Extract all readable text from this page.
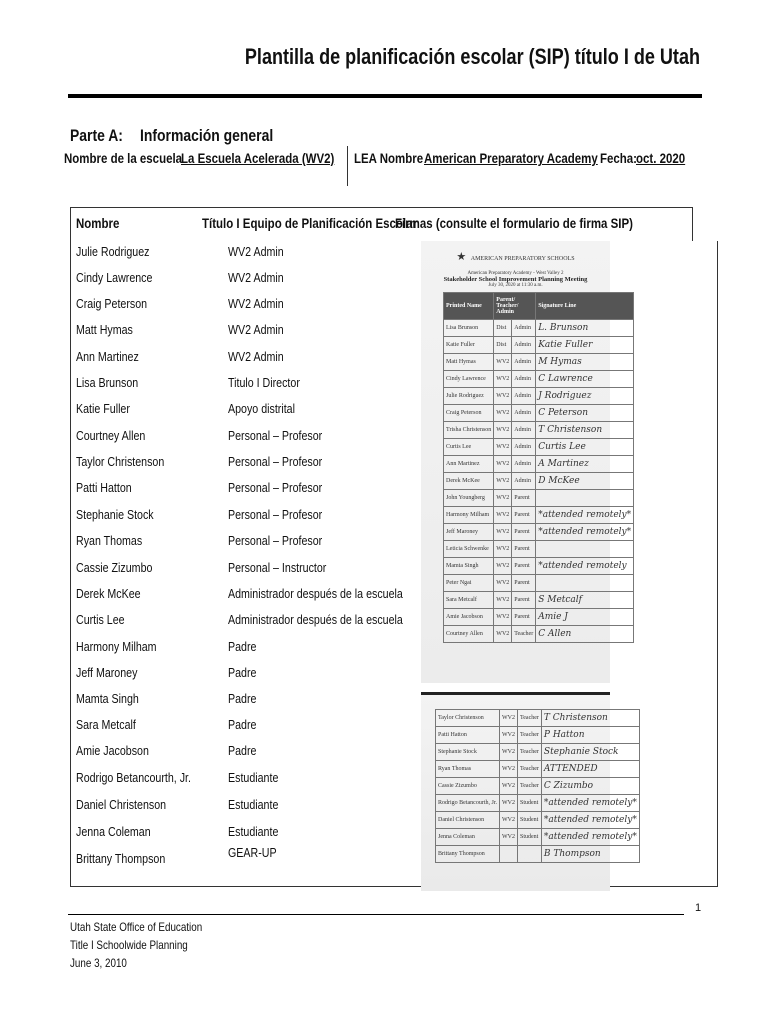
Plantilla de planificación escolar (SIP) título I de Utah
Parte A:	Información general
Nombre de la escuela
La Escuela Acelerada (WV2)	LEA Nombre American Preparatory Academy Fecha:
oct. 2020
Nombre	Título I Equipo de Planificación Escolar
Firmas (consulte el formulario de firma SIP)
Julie Rodriguez	WV2 Admin
Cindy Lawrence	WV2 Admin
Craig Peterson	WV2 Admin
Matt Hymas	WV2 Admin
Ann Martinez	WV2 Admin
Lisa Brunson	Titulo I Director
Katie Fuller	Apoyo distrital
Courtney Allen	Personal – Profesor
Taylor Christenson	Personal – Profesor
Patti Hatton	Personal – Profesor
Stephanie Stock	Personal – Profesor
Ryan Thomas	Personal – Profesor
Cassie Zizumbo	Personal – Instructor
Derek McKee	Administrador después de la escuela
Curtis Lee	Administrador después de la escuela
Harmony Milham	Padre
Jeff Maroney	Padre
Mamta Singh	Padre
Sara Metcalf	Padre
Amie Jacobson	Padre
Rodrigo Betancourth, Jr.	Estudiante
Daniel Christenson	Estudiante
Jenna Coleman	Estudiante
Brittany Thompson	GEAR-UP
★ AMERICAN PREPARATORY SCHOOLS
American Preparatory Academy - West Valley 2
Stakeholder School Improvement Planning Meeting
July 30, 2020 at 11:30 a.m.
Printed Name	Parent/ Teacher/ Admin		Signature Line
Lisa Brunson	Dist	Admin	L. Brunson
Katie Fuller	Dist	Admin	Katie Fuller
Matt Hymas	WV2	Admin	M Hymas
Cindy Lawrence	WV2	Admin	C Lawrence
Julie Rodriguez	WV2	Admin	J Rodriguez
Craig Peterson	WV2	Admin	C Peterson
Trisha Christenson	WV2	Admin	T Christenson
Curtis Lee	WV2	Admin	Curtis Lee
Ann Martinez	WV2	Admin	A Martinez
Derek McKee	WV2	Admin	D McKee
John Youngberg	WV2	Parent	
Harmony Milham	WV2	Parent	*attended remotely*
Jeff Maroney	WV2	Parent	*attended remotely*
Leticia Schwenke	WV2	Parent	
Mamta Singh	WV2	Parent	*attended remotely
Peter Ngai	WV2	Parent	
Sara Metcalf	WV2	Parent	S Metcalf
Amie Jacobson	WV2	Parent	Amie J
Courtney Allen	WV2	Teacher	C Allen
Taylor Christenson	WV2	Teacher	T Christenson
Patti Hatton	WV2	Teacher	P Hatton
Stephanie Stock	WV2	Teacher	Stephanie Stock
Ryan Thomas	WV2	Teacher	ATTENDED
Cassie Zizumbo	WV2	Teacher	C Zizumbo
Rodrigo Betancourth, Jr.	WV2	Student	*attended remotely*
Daniel Christenson	WV2	Student	*attended remotely*
Jenna Coleman	WV2	Student	*attended remotely*
Brittany Thompson			B Thompson
1
Utah State Office of Education
Title I Schoolwide Planning
June 3, 2010
